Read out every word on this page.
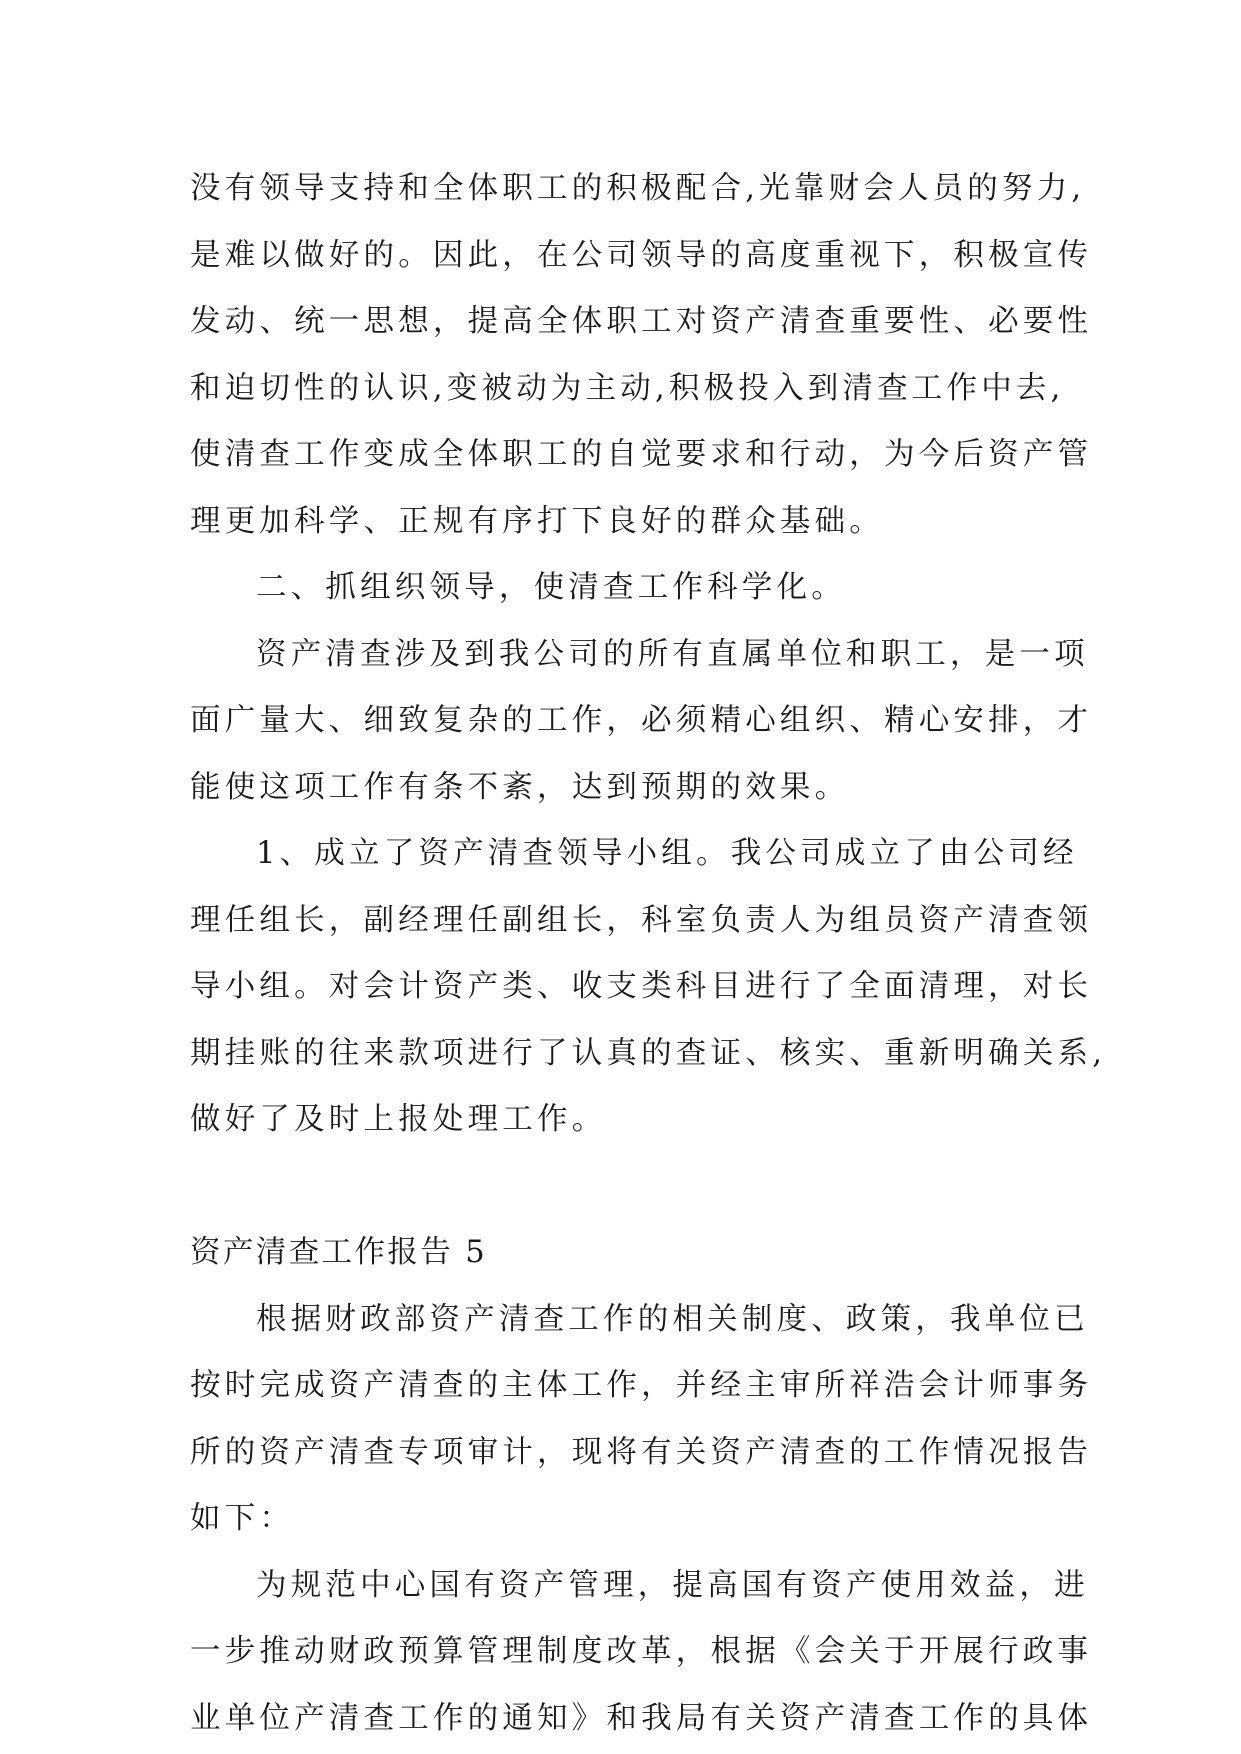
没有领导支持和全体职工的积极配合,光靠财会人员的努力,
是难以做好的。因此，在公司领导的高度重视下，积极宣传
发动、统一思想，提高全体职工对资产清查重要性、必要性
和迫切性的认识,变被动为主动,积极投入到清查工作中去,
使清查工作变成全体职工的自觉要求和行动，为今后资产管
理更加科学、正规有序打下良好的群众基础。
二、抓组织领导，使清查工作科学化。
资产清查涉及到我公司的所有直属单位和职工，是一项
面广量大、细致复杂的工作，必须精心组织、精心安排，才
能使这项工作有条不紊，达到预期的效果。
1、成立了资产清查领导小组。我公司成立了由公司经
理任组长，副经理任副组长，科室负责人为组员资产清查领
导小组。对会计资产类、收支类科目进行了全面清理，对长
期挂账的往来款项进行了认真的查证、核实、重新明确关系,
做好了及时上报处理工作。
资产清查工作报告 5
根据财政部资产清查工作的相关制度、政策，我单位已
按时完成资产清查的主体工作，并经主审所祥浩会计师事务
所的资产清查专项审计，现将有关资产清查的工作情况报告
如下：
为规范中心国有资产管理，提高国有资产使用效益，进
一步推动财政预算管理制度改革，根据《会关于开展行政事
业单位产清查工作的通知》和我局有关资产清查工作的具体
